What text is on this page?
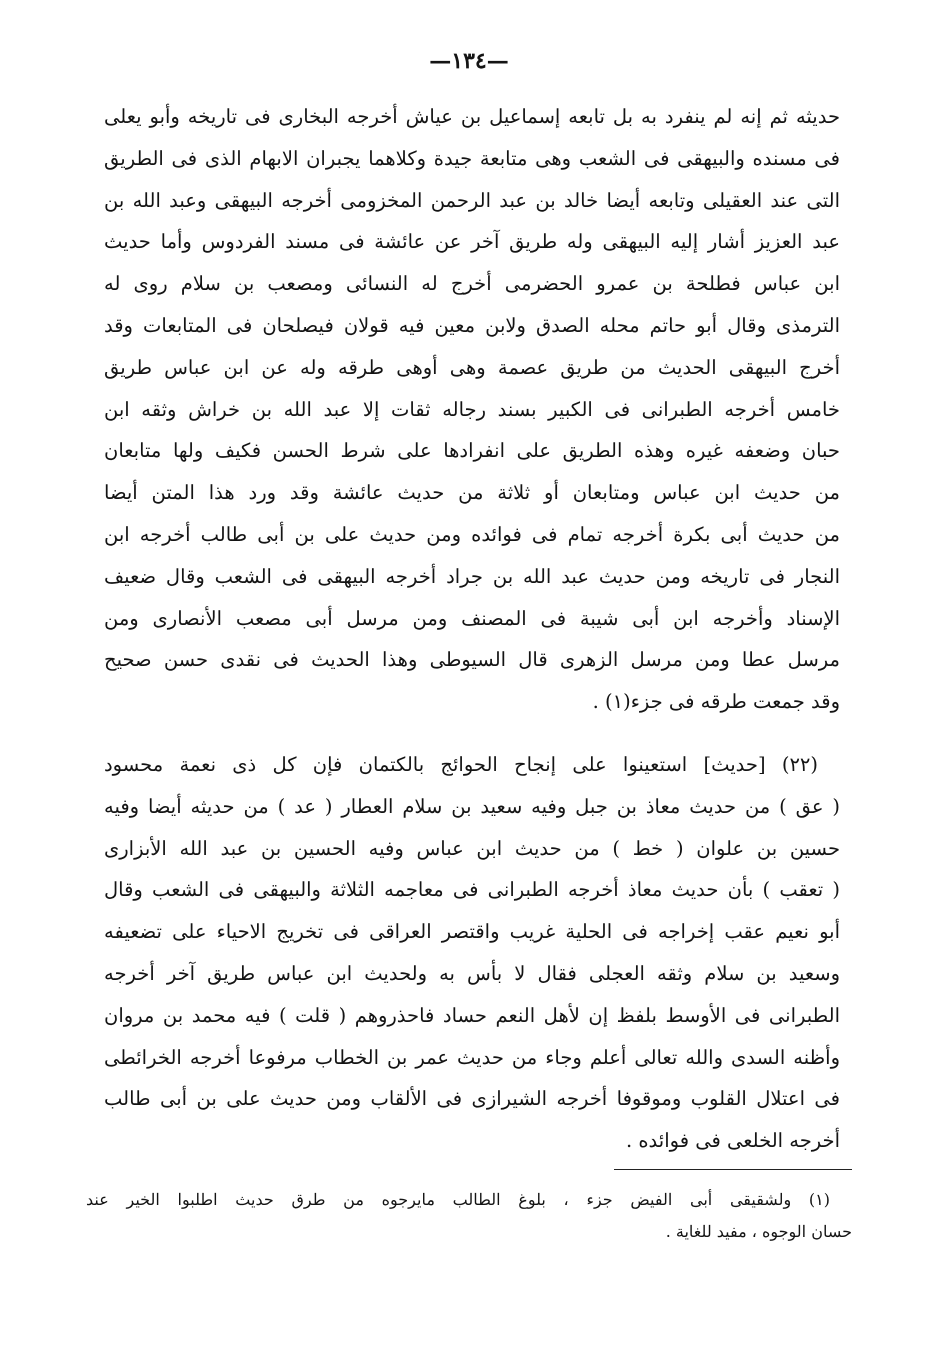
—١٣٤—
حديثه ثم إنه لم ينفرد به بل تابعه إسماعيل بن عياش أخرجه البخارى فى تاريخه وأبو يعلى
فى مسنده والبيهقى فى الشعب وهى متابعة جيدة وكلاهما يجبران الابهام الذى فى الطريق
التى عند العقيلى وتابعه أيضا خالد بن عبد الرحمن المخزومى أخرجه البيهقى وعبد الله بن
عبد العزيز أشار إليه البيهقى وله طريق آخر عن عائشة فى مسند الفردوس وأما حديث
ابن عباس فطلحة بن عمرو الحضرمى أخرج له النسائى ومصعب بن سلام روى له
الترمذى وقال أبو حاتم محله الصدق ولابن معين فيه قولان فيصلحان فى المتابعات وقد
أخرج البيهقى الحديث من طريق عصمة وهى أوهى طرقه وله عن ابن عباس طريق
خامس أخرجه الطبرانى فى الكبير بسند رجاله ثقات إلا عبد الله بن خراش وثقه ابن
حبان وضعفه غيره وهذه الطريق على انفرادها على شرط الحسن فكيف ولها متابعان
من حديث ابن عباس ومتابعان أو ثلاثة من حديث عائشة وقد ورد هذا المتن أيضا
من حديث أبى بكرة أخرجه تمام فى فوائده ومن حديث على بن أبى طالب أخرجه ابن
النجار فى تاريخه ومن حديث عبد الله بن جراد أخرجه البيهقى فى الشعب وقال ضعيف
الإسناد وأخرجه ابن أبى شيبة فى المصنف ومن مرسل أبى مصعب الأنصارى ومن
مرسل عطا ومن مرسل الزهرى قال السيوطى وهذا الحديث فى نقدى حسن صحيح
وقد جمعت طرقه فى جزء(١) .
(٢٢) [حديث] استعينوا على إنجاح الحوائج بالكتمان فإن كل ذى نعمة محسود
( عق ) من حديث معاذ بن جبل وفيه سعيد بن سلام العطار ( عد ) من حديثه أيضا وفيه
حسين بن علوان ( خط ) من حديث ابن عباس وفيه الحسين بن عبد الله الأبزارى
( تعقب ) بأن حديث معاذ أخرجه الطبرانى فى معاجمه الثلاثة والبيهقى فى الشعب وقال
أبو نعيم عقب إخراجه فى الحلية غريب واقتصر العراقى فى تخريج الاحياء على تضعيفه
وسعيد بن سلام وثقه العجلى فقال لا بأس به ولحديث ابن عباس طريق آخر أخرجه
الطبرانى فى الأوسط بلفظ إن لأهل النعم حساد فاحذروهم ( قلت ) فيه محمد بن مروان
وأظنه السدى والله تعالى أعلم وجاء من حديث عمر بن الخطاب مرفوعا أخرجه الخرائطى
فى اعتلال القلوب وموقوفا أخرجه الشيرازى فى الألقاب ومن حديث على بن أبى طالب
أخرجه الخلعى فى فوائده .
(١) ولشقيقى أبى الفيض جزء ، بلوغ الطالب مايرجوه من طرق حديث اطلبوا الخير عند
حسان الوجوه ، مفيد للغاية .
